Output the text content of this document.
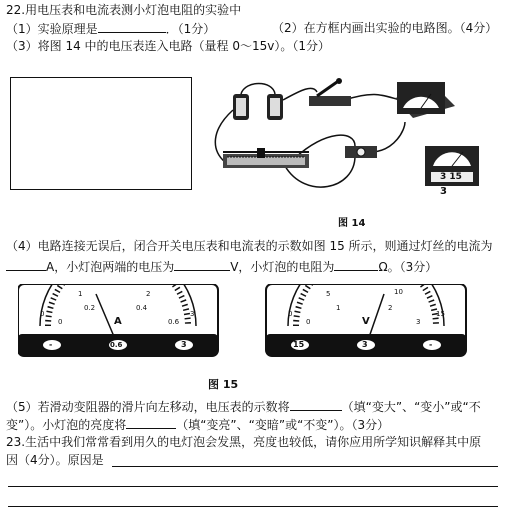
22.用电压表和电流表测小灯泡电阻的实验中
（1）实验原理是	．（1分）	（2）在方框内画出实验的电路图。（4分）
（3）将图 14 中的电压表连入电路（量程 0～15v）。（1分）
3 15
3
图 14
（4）电路连接无误后，闭合开关电压表和电流表的示数如图 15 所示，则通过灯丝的电流为
A，小灯泡两端的电压为	V，小灯泡的电阻为	Ω。（3分）
0
1	2
3
0
0.2	0.4
0.6
A
-	0.6	3
0
5	10
15
0
1	2
3
V
15	3	-
图 15
（5）若滑动变阻器的滑片向左移动，电压表的示数将	（填“变大”、“变小”或“不
变”）。小灯泡的亮度将	（填“变亮”、“变暗”或“不变”）。（3分）
23.生活中我们常常看到用久的电灯泡会发黑，亮度也较低，请你应用所学知识解释其中原
因（4分）。原因是
